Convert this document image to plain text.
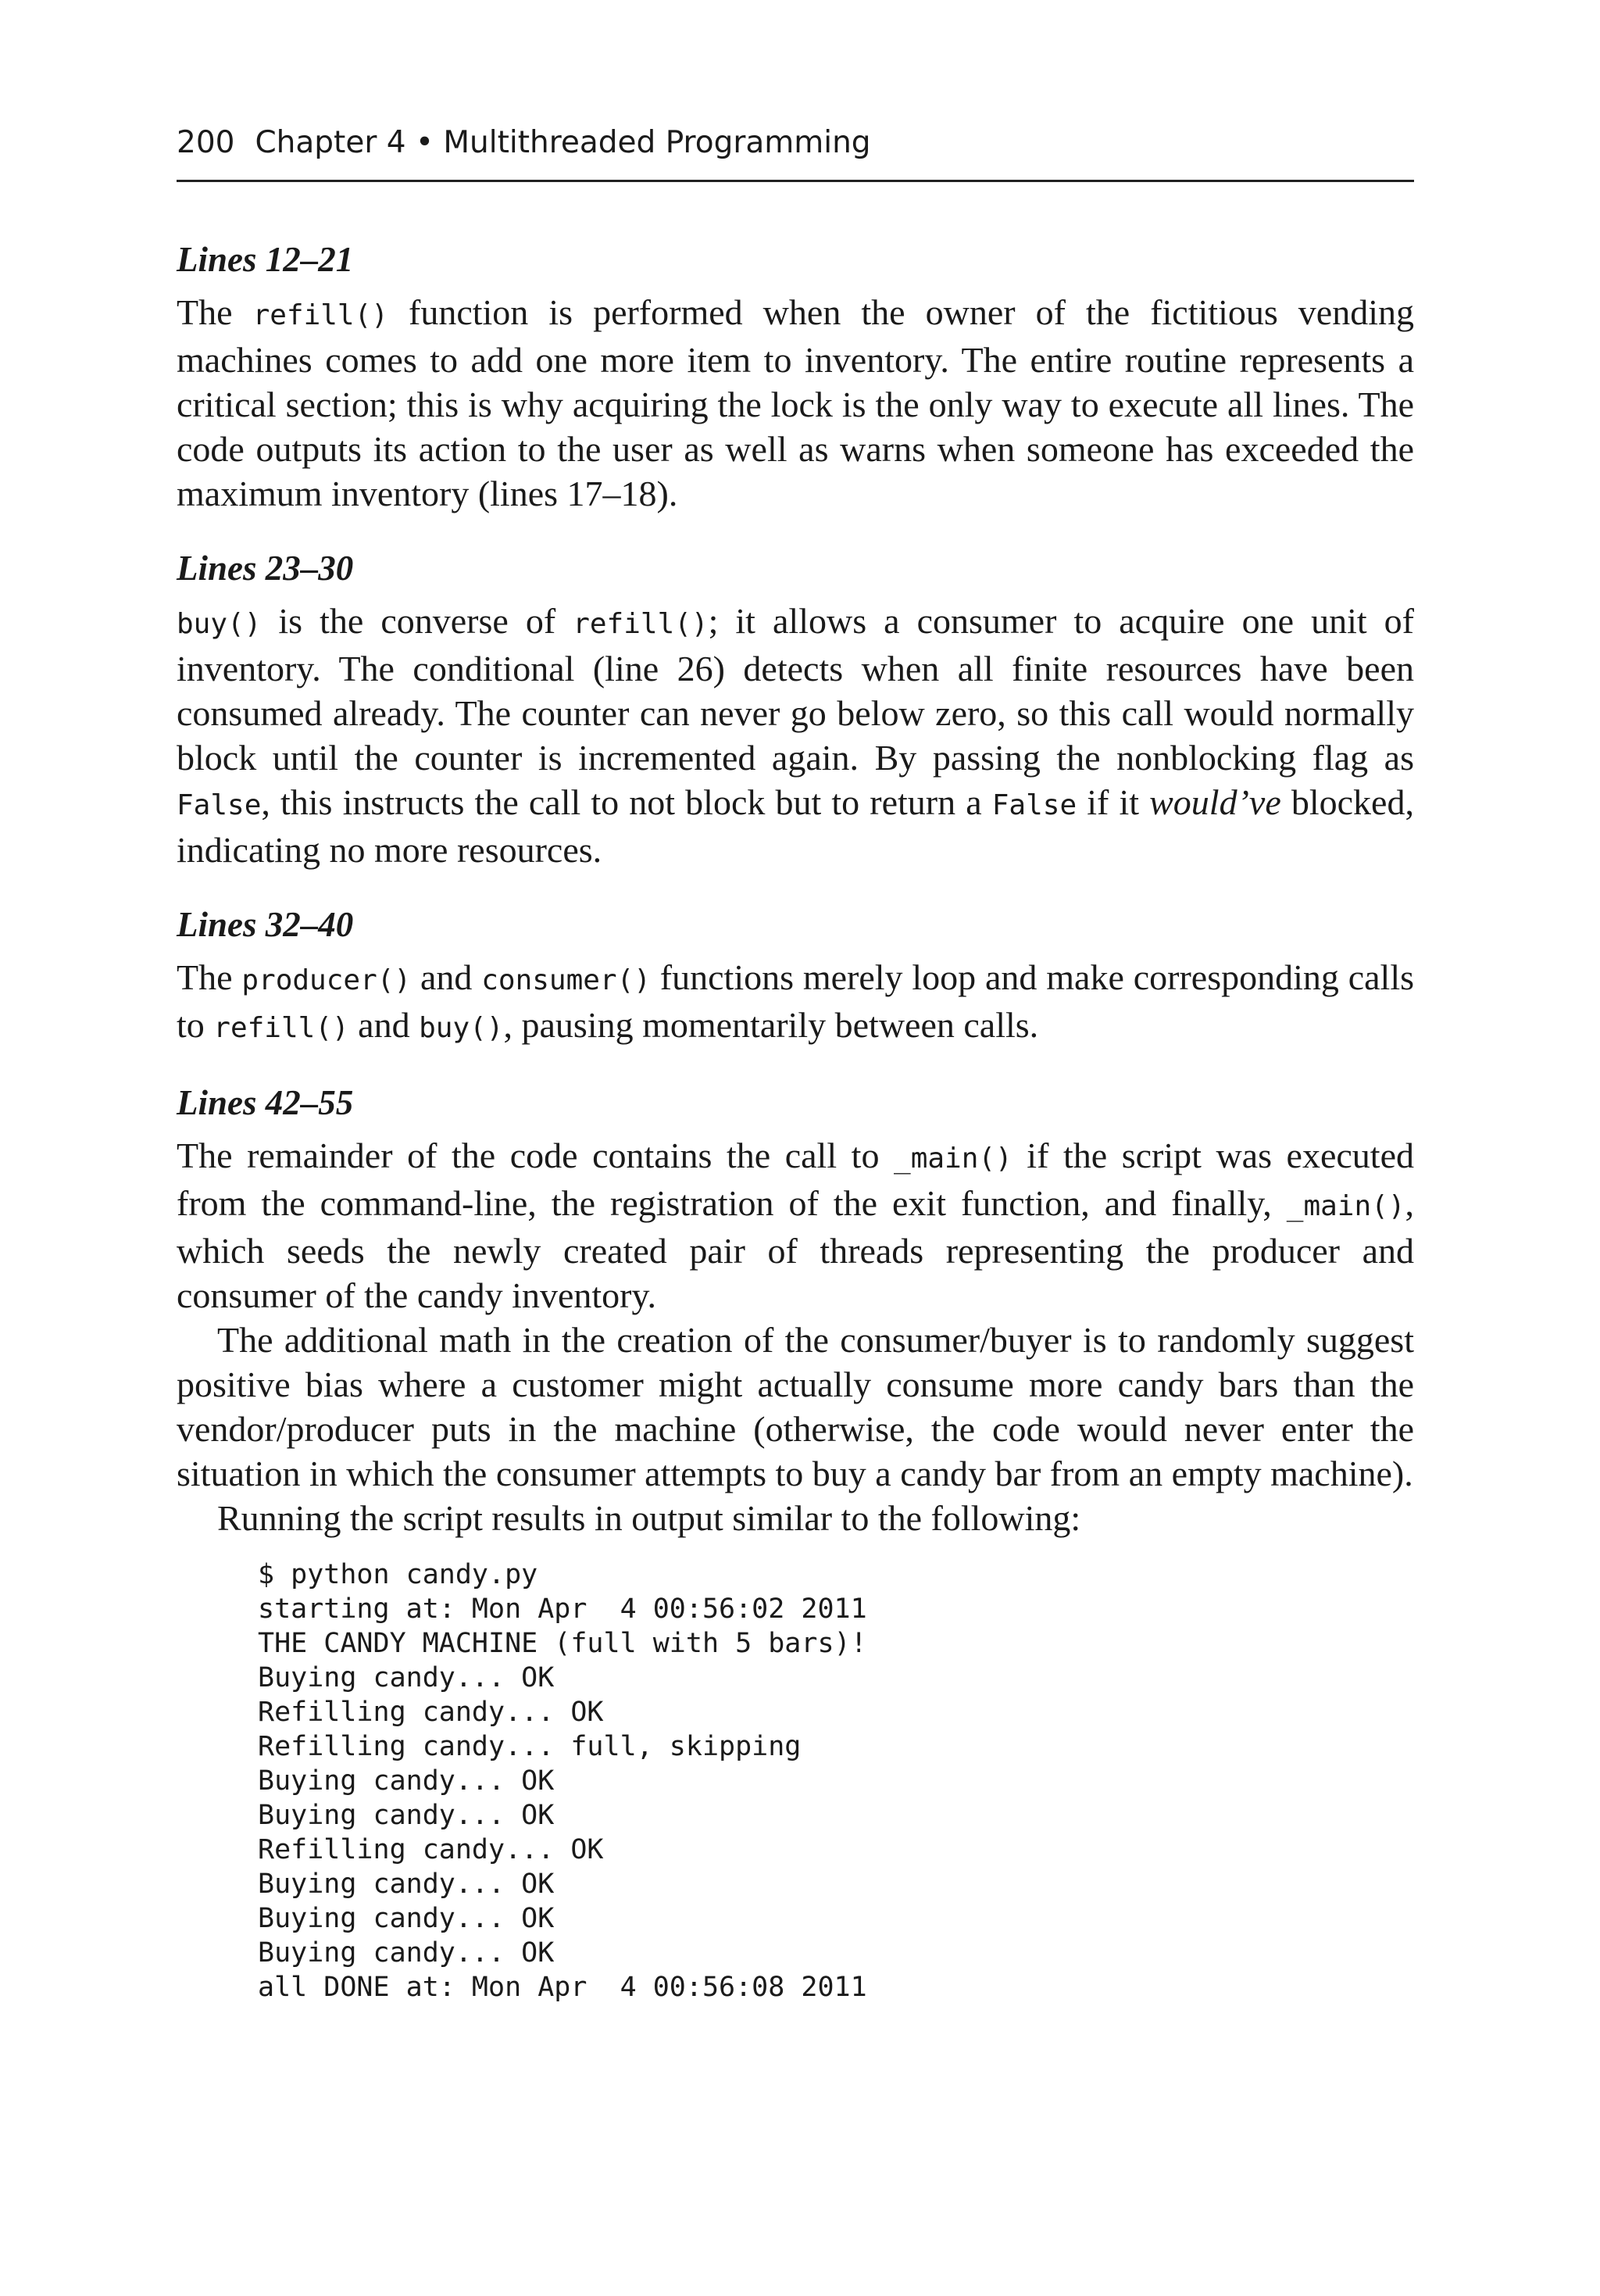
200 Chapter 4 • Multithreaded Programming
Lines 12–21

The refill() function is performed when the owner of the fictitious vending machines comes to add one more item to inventory. The entire routine represents a critical section; this is why acquiring the lock is the only way to execute all lines. The code outputs its action to the user as well as warns when someone has exceeded the maximum inventory (lines 17–18).

Lines 23–30

buy() is the converse of refill(); it allows a consumer to acquire one unit of inventory. The conditional (line 26) detects when all finite resources have been consumed already. The counter can never go below zero, so this call would normally block until the counter is incremented again. By passing the nonblocking flag as False, this instructs the call to not block but to return a False if it would’ve blocked, indicating no more resources.

Lines 32–40

The producer() and consumer() functions merely loop and make corresponding calls to refill() and buy(), pausing momentarily between calls.

Lines 42–55

The remainder of the code contains the call to _main() if the script was executed from the command-line, the registration of the exit function, and finally, _main(), which seeds the newly created pair of threads representing the producer and consumer of the candy inventory.

The additional math in the creation of the consumer/buyer is to randomly suggest positive bias where a customer might actually consume more candy bars than the vendor/producer puts in the machine (otherwise, the code would never enter the situation in which the consumer attempts to buy a candy bar from an empty machine).

Running the script results in output similar to the following:

$ python candy.py
starting at: Mon Apr  4 00:56:02 2011
THE CANDY MACHINE (full with 5 bars)!
Buying candy... OK
Refilling candy... OK
Refilling candy... full, skipping
Buying candy... OK
Buying candy... OK
Refilling candy... OK
Buying candy... OK
Buying candy... OK
Buying candy... OK
all DONE at: Mon Apr  4 00:56:08 2011
